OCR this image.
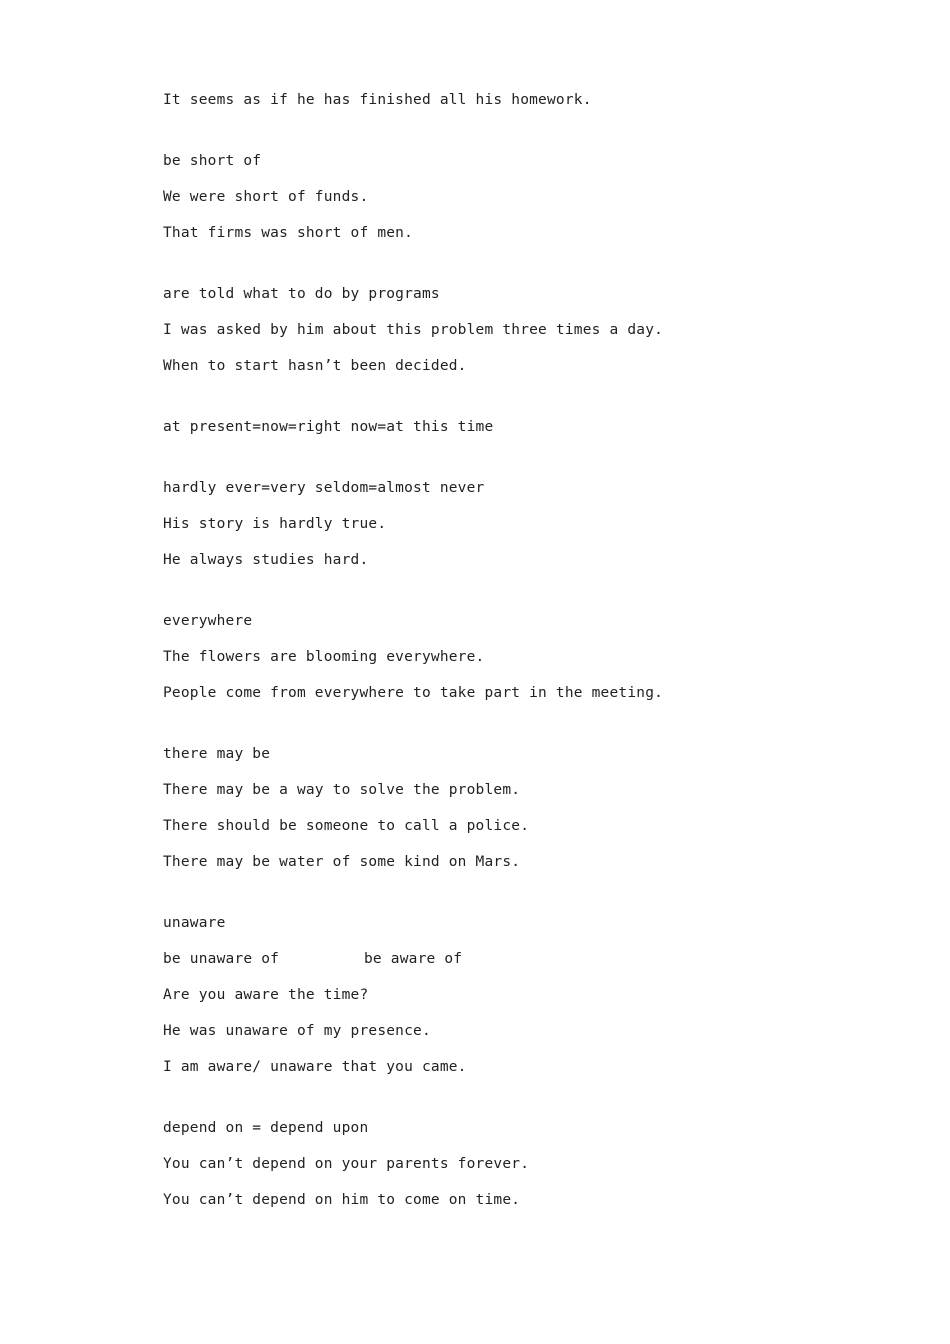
It seems as if he has finished all his homework.
be short of
We were short of funds.
That firms was short of men.
are told what to do by programs
I was asked by him about this problem three times a day.
When to start hasn’t been decided.
at present=now=right now=at this time
hardly ever=very seldom=almost never
His story is hardly true.
He always studies hard.
everywhere
The flowers are blooming everywhere.
People come from everywhere to take part in the meeting.
there may be
There may be a way to solve the problem.
There should be someone to call a police.
There may be water of some kind on Mars.
unaware
be unaware of	be aware of
Are you aware the time?
He was unaware of my presence.
I am aware/ unaware that you came.
depend on = depend upon
You can’t depend on your parents forever.
You can’t depend on him to come on time.
